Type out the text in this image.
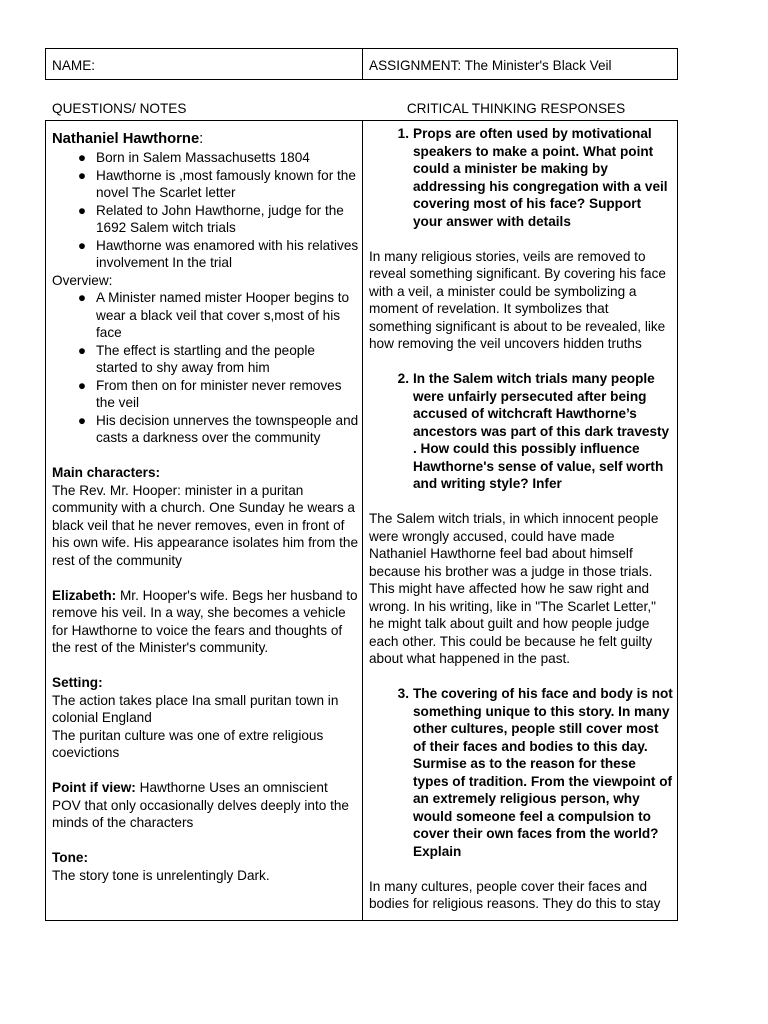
NAME:	ASSIGNMENT: The Minister's Black Veil
QUESTIONS/ NOTES	CRITICAL THINKING RESPONSES
Nathaniel Hawthorne:
● Born in Salem Massachusetts 1804
● Hawthorne is ,most famously known for the novel The Scarlet letter
● Related to John Hawthorne, judge for the 1692 Salem witch trials
● Hawthorne was enamored with his relatives involvement In the trial

Overview:

● A Minister named mister Hooper begins to wear a black veil that cover s,most of his face
● The effect is startling and the people started to shy away from him
● From then on for minister never removes the veil
● His decision unnerves the townspeople and casts a darkness over the community

Main characters:

The Rev. Mr. Hooper: minister in a puritan community with a church. One Sunday he wears a black veil that he never removes, even in front of his own wife. His appearance isolates him from the rest of the community

Elizabeth: Mr. Hooper's wife. Begs her husband to remove his veil. In a way, she becomes a vehicle for Hawthorne to voice the fears and thoughts of the rest of the Minister's community.

Setting:

The action takes place Ina small puritan town in colonial England

The puritan culture was one of extre religious coevictions

Point if view: Hawthorne Uses an omniscient POV that only occasionally delves deeply into the minds of the characters

Tone:

The story tone is unrelentingly Dark.

1. Props are often used by motivational speakers to make a point. What point could a minister be making by addressing his congregation with a veil covering most of his face? Support your answer with details

In many religious stories, veils are removed to reveal something significant. By covering his face with a veil, a minister could be symbolizing a moment of revelation. It symbolizes that something significant is about to be revealed, like how removing the veil uncovers hidden truths

2. In the Salem witch trials many people were unfairly persecuted after being accused of witchcraft Hawthorne’s ancestors was part of this dark travesty . How could this possibly influence Hawthorne's sense of value, self worth and writing style? Infer

The Salem witch trials, in which innocent people were wrongly accused, could have made Nathaniel Hawthorne feel bad about himself because his brother was a judge in those trials. This might have affected how he saw right and wrong. In his writing, like in "The Scarlet Letter," he might talk about guilt and how people judge each other. This could be because he felt guilty about what happened in the past.

3. The covering of his face and body is not something unique to this story. In many other cultures, people still cover most of their faces and bodies to this day. Surmise as to the reason for these types of tradition. From the viewpoint of an extremely religious person, why would someone feel a compulsion to cover their own faces from the world? Explain

In many cultures, people cover their faces and bodies for religious reasons. They do this to stay
